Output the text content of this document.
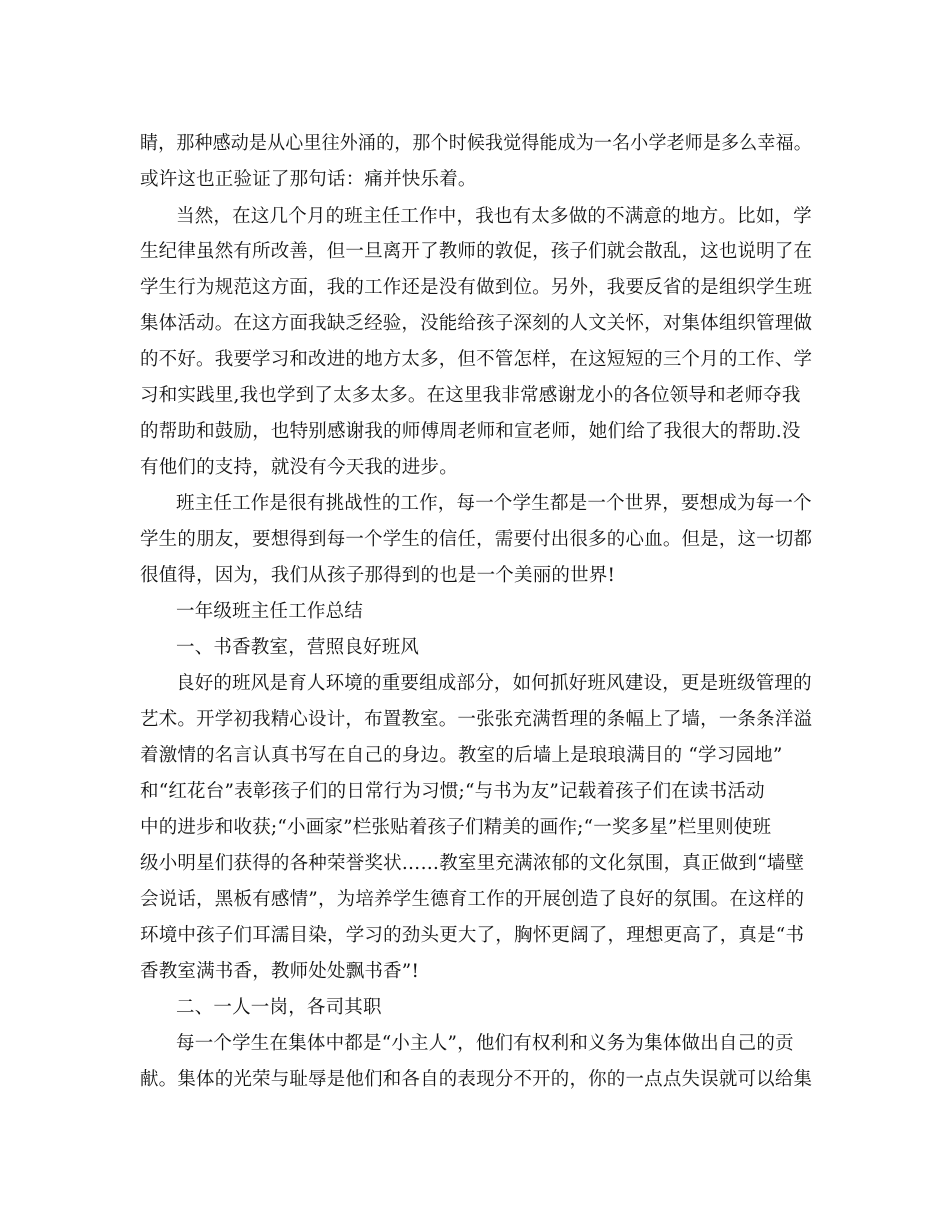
睛，那种感动是从心里往外涌的，那个时候我觉得能成为一名小学老师是多么幸福。
或许这也正验证了那句话：痛并快乐着。
当然，在这几个月的班主任工作中，我也有太多做的不满意的地方。比如，学
生纪律虽然有所改善，但一旦离开了教师的敦促，孩子们就会散乱，这也说明了在
学生行为规范这方面，我的工作还是没有做到位。另外，我要反省的是组织学生班
集体活动。在这方面我缺乏经验，没能给孩子深刻的人文关怀，对集体组织管理做
的不好。我要学习和改进的地方太多，但不管怎样，在这短短的三个月的工作、学
习和实践里,我也学到了太多太多。在这里我非常感谢龙小的各位领导和老师夺我
的帮助和鼓励，也特别感谢我的师傅周老师和宣老师，她们给了我很大的帮助.没
有他们的支持，就没有今天我的进步。
班主任工作是很有挑战性的工作，每一个学生都是一个世界，要想成为每一个
学生的朋友，要想得到每一个学生的信任，需要付出很多的心血。但是，这一切都
很值得，因为，我们从孩子那得到的也是一个美丽的世界!
一年级班主任工作总结
一、书香教室，营照良好班风
良好的班风是育人环境的重要组成部分，如何抓好班风建设，更是班级管理的
艺术。开学初我精心设计，布置教室。一张张充满哲理的条幅上了墙，一条条洋溢
着激情的名言认真书写在自己的身边。教室的后墙上是琅琅满目的 “学习园地”
和“红花台”表彰孩子们的日常行为习惯;“与书为友”记载着孩子们在读书活动
中的进步和收获;“小画家”栏张贴着孩子们精美的画作;“一奖多星”栏里则使班
级小明星们获得的各种荣誉奖状……教室里充满浓郁的文化氛围，真正做到“墙壁
会说话，黑板有感情”，为培养学生德育工作的开展创造了良好的氛围。在这样的
环境中孩子们耳濡目染，学习的劲头更大了，胸怀更阔了，理想更高了，真是“书
香教室满书香，教师处处飘书香”!
二、一人一岗，各司其职
每一个学生在集体中都是“小主人”，他们有权利和义务为集体做出自己的贡
献。集体的光荣与耻辱是他们和各自的表现分不开的，你的一点点失误就可以给集
